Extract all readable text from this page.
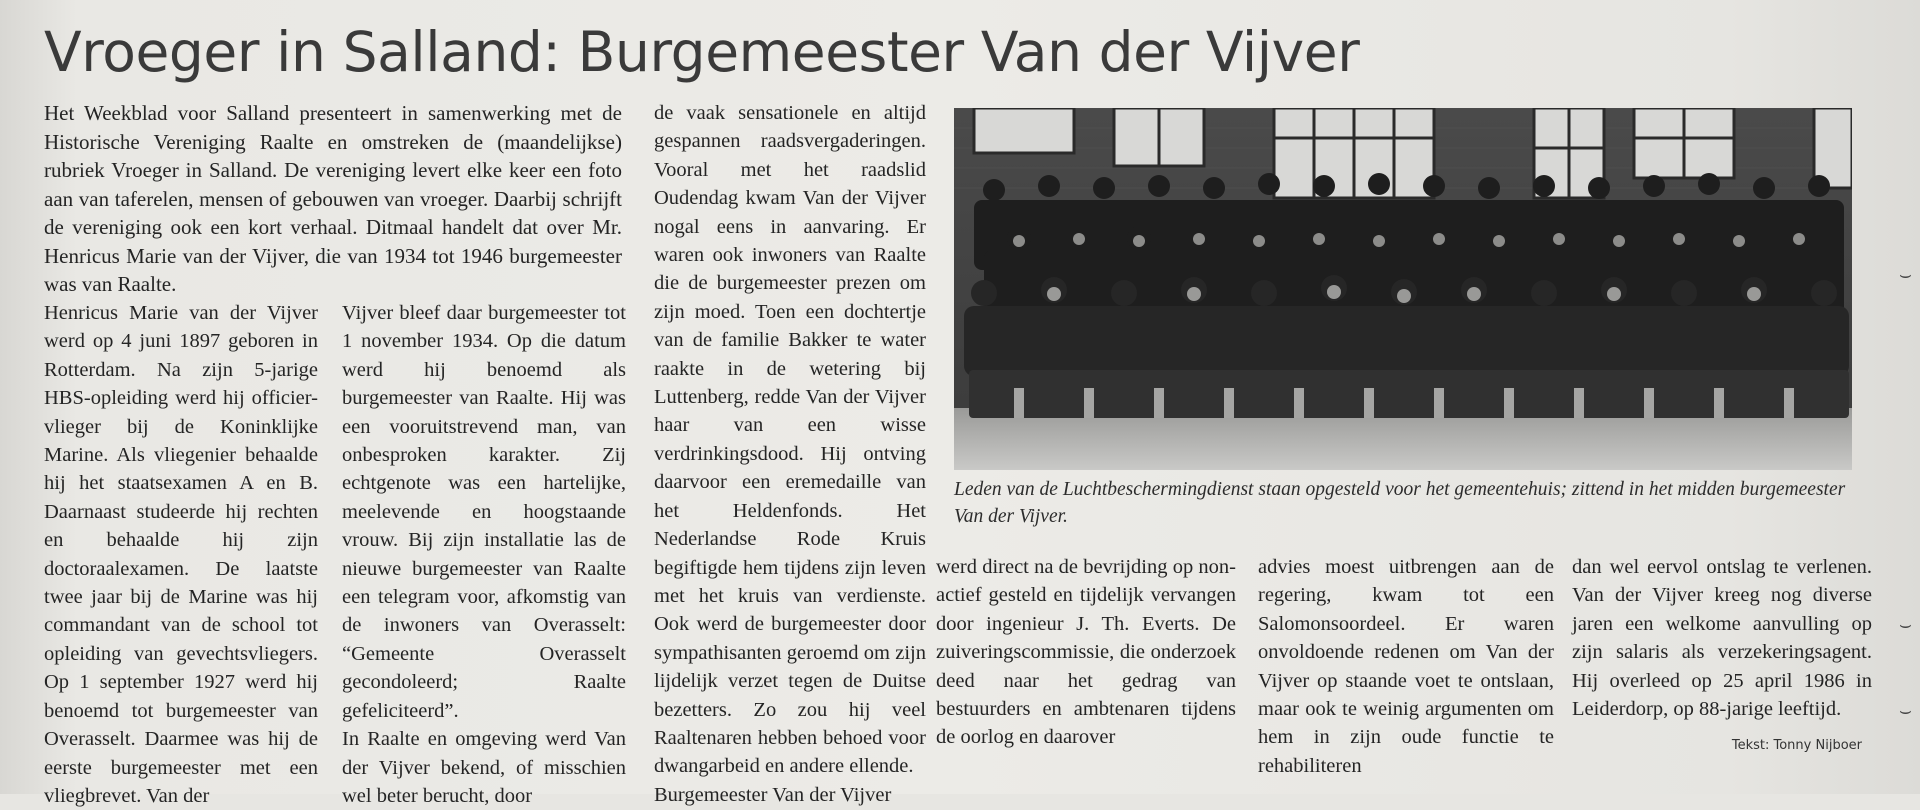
Vroeger in Salland: Burgemeester Van der Vijver

Het Weekblad voor Salland presenteert in samenwerking met de Historische Vereniging Raalte en omstreken de (maandelijkse) rubriek Vroeger in Salland. De vereniging levert elke keer een foto aan van taferelen, mensen of gebouwen van vroeger. Daarbij schrijft de vereniging ook een kort verhaal. Ditmaal handelt dat over Mr. Henricus Marie van der Vijver, die van 1934 tot 1946 burgemeester was van Raalte.

Henricus Marie van der Vijver werd op 4 juni 1897 geboren in Rotterdam. Na zijn 5-jarige HBS-opleiding werd hij officier-vlieger bij de Koninklijke Marine. Als vliegenier behaalde hij het staatsexamen A en B. Daarnaast studeerde hij rechten en behaalde hij zijn doctoraalexamen. De laatste twee jaar bij de Marine was hij commandant van de school tot opleiding van gevechtsvliegers. Op 1 september 1927 werd hij benoemd tot burgemeester van Overasselt. Daarmee was hij de eerste burgemeester met een vliegbrevet. Van der

Vijver bleef daar burgemeester tot 1 november 1934. Op die datum werd hij benoemd als burgemeester van Raalte. Hij was een vooruitstrevend man, van onbesproken karakter. Zij echtgenote was een hartelijke, meelevende en hoogstaande vrouw. Bij zijn installatie las de nieuwe burgemeester van Raalte een telegram voor, afkomstig van de inwoners van Overasselt: “Gemeente Overasselt gecondoleerd; Raalte gefeliciteerd”.

In Raalte en omgeving werd Van der Vijver bekend, of misschien wel beter berucht, door

de vaak sensationele en altijd gespannen raadsvergaderingen. Vooral met het raadslid Oudendag kwam Van der Vijver nogal eens in aanvaring. Er waren ook inwoners van Raalte die de burgemeester prezen om zijn moed. Toen een dochtertje van de familie Bakker te water raakte in de wetering bij Luttenberg, redde Van der Vijver haar van een wisse verdrinkingsdood. Hij ontving daarvoor een eremedaille van het Heldenfonds. Het Nederlandse Rode Kruis begiftigde hem tijdens zijn leven met het kruis van verdienste. Ook werd de burgemeester door sympathisanten geroemd om zijn lijdelijk verzet tegen de Duitse bezetters. Zo zou hij veel Raaltenaren hebben behoed voor dwangarbeid en andere ellende.

Burgemeester Van der Vijver

Leden van de Luchtbeschermingdienst staan opgesteld voor het gemeentehuis; zittend in het midden burgemeester Van der Vijver.

werd direct na de bevrijding op non-actief gesteld en tijdelijk vervangen door ingenieur J. Th. Everts. De zuiveringscommissie, die onderzoek deed naar het gedrag van bestuurders en ambtenaren tijdens de oorlog en daarover

advies moest uitbrengen aan de regering, kwam tot een Salomonsoordeel. Er waren onvoldoende redenen om Van der Vijver op staande voet te ontslaan, maar ook te weinig argumenten om hem in zijn oude functie te rehabiliteren

dan wel eervol ontslag te verlenen. Van der Vijver kreeg nog diverse jaren een welkome aanvulling op zijn salaris als verzekeringsagent. Hij overleed op 25 april 1986 in Leiderdorp, op 88-jarige leeftijd.

Tekst: Tonny Nijboer
⌣
⌣
⌣
